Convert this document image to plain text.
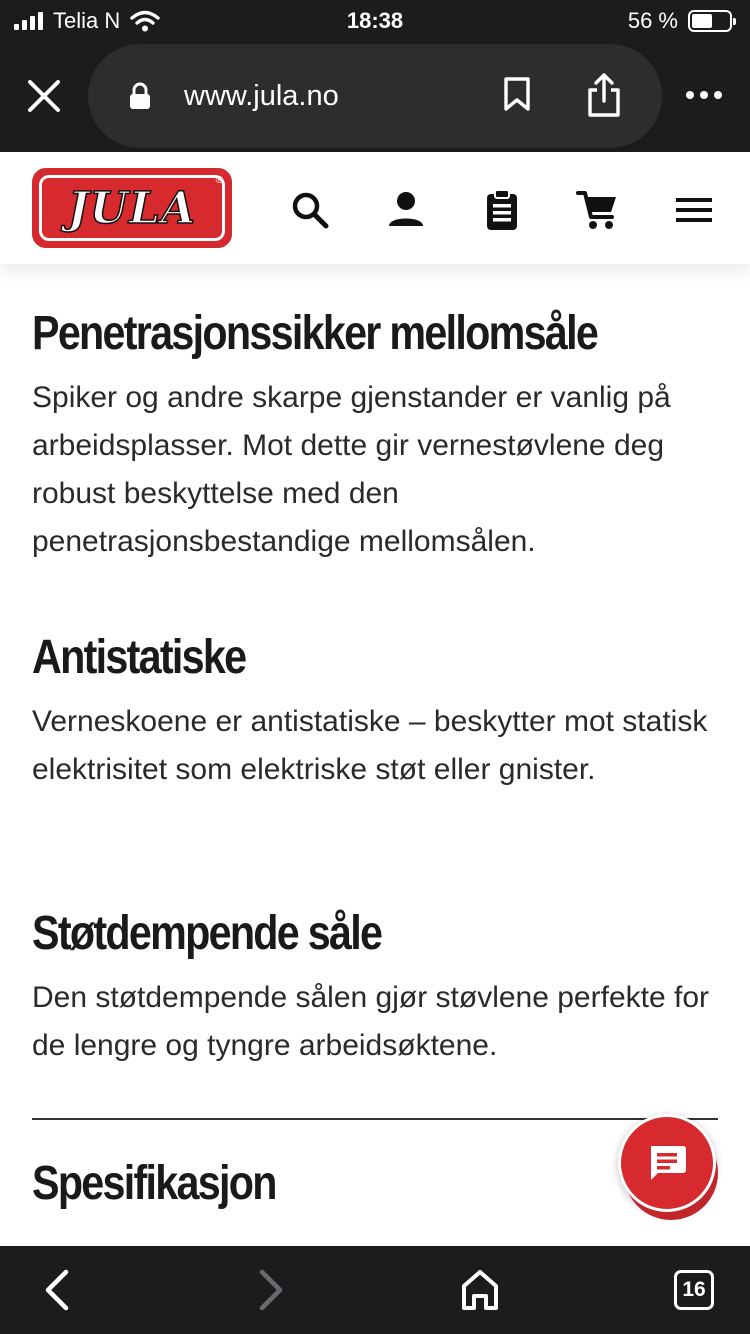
Telia N	18:38	56 %
www.jula.no
JULA
®
Penetrasjonssikker mellomsåle

Spiker og andre skarpe gjenstander er vanlig på arbeidsplasser. Mot dette gir vernestøvlene deg robust beskyttelse med den penetrasjonsbestandige mellomsålen.

Antistatiske

Verneskoene er antistatiske – beskytter mot statisk elektrisitet som elektriske støt eller gnister.

Støtdempende såle

Den støtdempende sålen gjør støvlene perfekte for de lengre og tyngre arbeidsøktene.

Spesifikasjon
16
